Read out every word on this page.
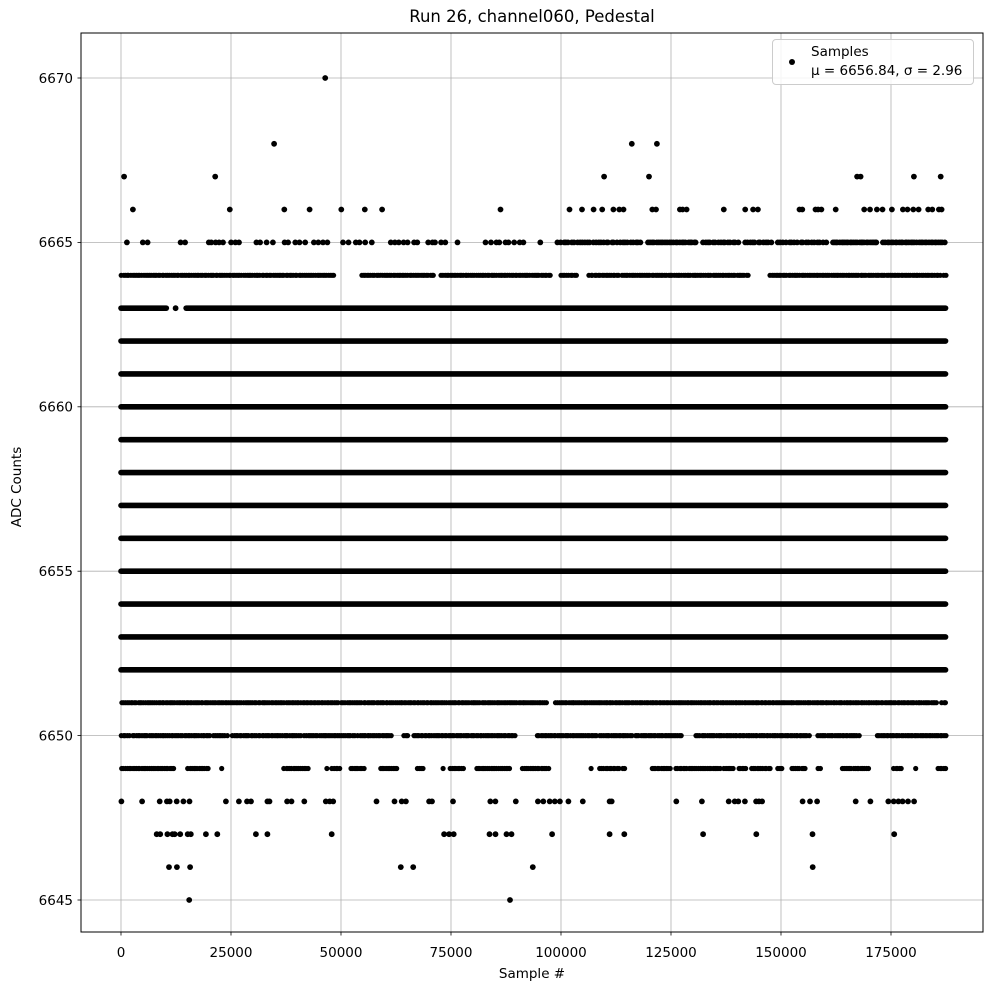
0	25000	50000	75000	100000	125000	150000	175000
6645
6650
6655
6660
6665
6670
Run 26, channel060, Pedestal
Sample #
ADC Counts
Samples
μ = 6656.84, σ = 2.96
